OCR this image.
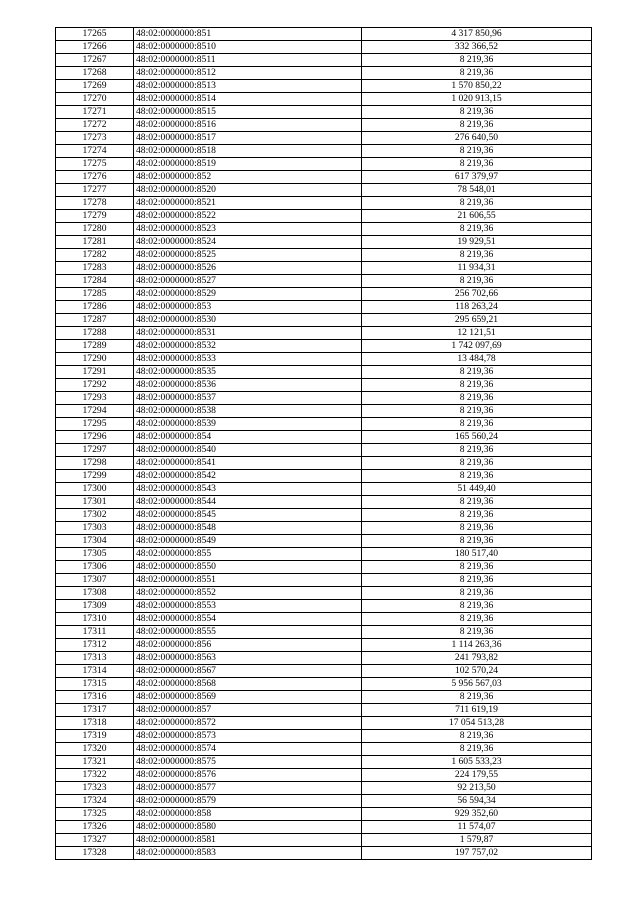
17265	48:02:0000000:851	4 317 850,96
17266	48:02:0000000:8510	332 366,52
17267	48:02:0000000:8511	8 219,36
17268	48:02:0000000:8512	8 219,36
17269	48:02:0000000:8513	1 570 850,22
17270	48:02:0000000:8514	1 020 913,15
17271	48:02:0000000:8515	8 219,36
17272	48:02:0000000:8516	8 219,36
17273	48:02:0000000:8517	276 640,50
17274	48:02:0000000:8518	8 219,36
17275	48:02:0000000:8519	8 219,36
17276	48:02:0000000:852	617 379,97
17277	48:02:0000000:8520	78 548,01
17278	48:02:0000000:8521	8 219,36
17279	48:02:0000000:8522	21 606,55
17280	48:02:0000000:8523	8 219,36
17281	48:02:0000000:8524	19 929,51
17282	48:02:0000000:8525	8 219,36
17283	48:02:0000000:8526	11 934,31
17284	48:02:0000000:8527	8 219,36
17285	48:02:0000000:8529	256 702,66
17286	48:02:0000000:853	118 263,24
17287	48:02:0000000:8530	295 659,21
17288	48:02:0000000:8531	12 121,51
17289	48:02:0000000:8532	1 742 097,69
17290	48:02:0000000:8533	13 484,78
17291	48:02:0000000:8535	8 219,36
17292	48:02:0000000:8536	8 219,36
17293	48:02:0000000:8537	8 219,36
17294	48:02:0000000:8538	8 219,36
17295	48:02:0000000:8539	8 219,36
17296	48:02:0000000:854	165 560,24
17297	48:02:0000000:8540	8 219,36
17298	48:02:0000000:8541	8 219,36
17299	48:02:0000000:8542	8 219,36
17300	48:02:0000000:8543	51 449,40
17301	48:02:0000000:8544	8 219,36
17302	48:02:0000000:8545	8 219,36
17303	48:02:0000000:8548	8 219,36
17304	48:02:0000000:8549	8 219,36
17305	48:02:0000000:855	180 517,40
17306	48:02:0000000:8550	8 219,36
17307	48:02:0000000:8551	8 219,36
17308	48:02:0000000:8552	8 219,36
17309	48:02:0000000:8553	8 219,36
17310	48:02:0000000:8554	8 219,36
17311	48:02:0000000:8555	8 219,36
17312	48:02:0000000:856	1 114 263,36
17313	48:02:0000000:8563	241 793,82
17314	48:02:0000000:8567	102 570,24
17315	48:02:0000000:8568	5 956 567,03
17316	48:02:0000000:8569	8 219,36
17317	48:02:0000000:857	711 619,19
17318	48:02:0000000:8572	17 054 513,28
17319	48:02:0000000:8573	8 219,36
17320	48:02:0000000:8574	8 219,36
17321	48:02:0000000:8575	1 605 533,23
17322	48:02:0000000:8576	224 179,55
17323	48:02:0000000:8577	92 213,50
17324	48:02:0000000:8579	56 594,34
17325	48:02:0000000:858	929 352,60
17326	48:02:0000000:8580	11 574,07
17327	48:02:0000000:8581	1 579,87
17328	48:02:0000000:8583	197 757,02
